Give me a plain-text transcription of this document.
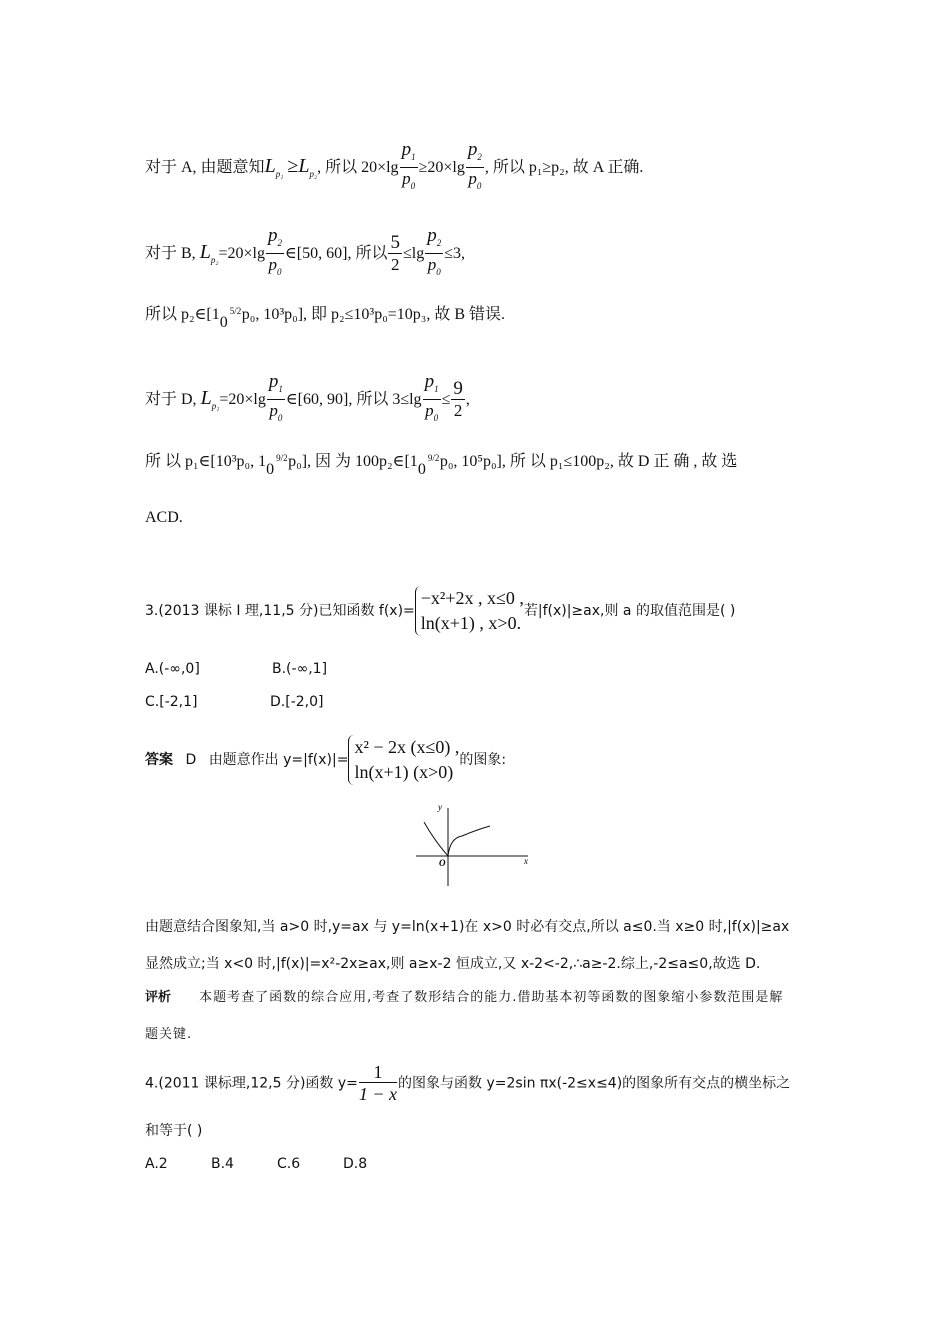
对于 A, 由题意知$L_{p_1} \ge L_{p_2}$, 所以 $20\times\lg \frac{p_1}{p_0} \ge 20\times\lg \frac{p_2}{p_0}$ , 所以 p₁≥p₂, 故 A 正确.
对于 B, $L_{p_2}=20\times\lg \frac{p_2}{p_0}$ ∈[50, 60], 所以 $\frac{5}{2} \le\lg \frac{p_2}{p_0} \le 3$,
所以 p₂∈[1 0
5/2 p₀, 10³p₀], 即 p₂≤10³p₀=10p₃, 故 B 错误.
对于 D, $L_{p_1}=20\times\lg \frac{p_1}{p_0}$ ∈[60, 90], 所以 $3\le\lg \frac{p_1}{p_0} \le \frac{9}{2}$ ,
所 以 p₁∈[10³p₀, 1 0
9/2 p₀], 因 为 100p₂∈[1 0
9/2 p₀, 10⁵p₀], 所 以 p₁≤100p₂, 故 D 正 确 , 故 选
ACD.
3.(2013 课标 Ⅰ 理,11,5 分)已知函数 f(x)=
−x²+2x , x≤0 ,
ln(x+1) , x>0.
若|f(x)|≥ax,则 a 的取值范围是( )
A.(-∞,0]	B.(-∞,1]
C.[-2,1]	D.[-2,0]
答案 D 由题意作出 y=|f(x)|=
x² − 2x (x≤0) ,
ln(x+1) (x>0)
的图象:
y
x
O
由题意结合图象知,当 a>0 时,y=ax 与 y=ln(x+1)在 x>0 时必有交点,所以 a≤0.当 x≥0 时,|f(x)|≥ax
显然成立;当 x<0 时,|f(x)|=x²-2x≥ax,则 a≥x-2 恒成立,又 x-2<-2,∴a≥-2.综上,-2≤a≤0,故选 D.
评析 本题考查了函数的综合应用,考查了数形结合的能力.借助基本初等函数的图象缩小参数范围是解
题关键.
4.(2011 课标理,12,5 分)函数 $y= \frac{1}{1 - x}$ 的图象与函数 y=2sin πx(-2≤x≤4)的图象所有交点的横坐标之
和等于( )
A.2	B.4	C.6	D.8
